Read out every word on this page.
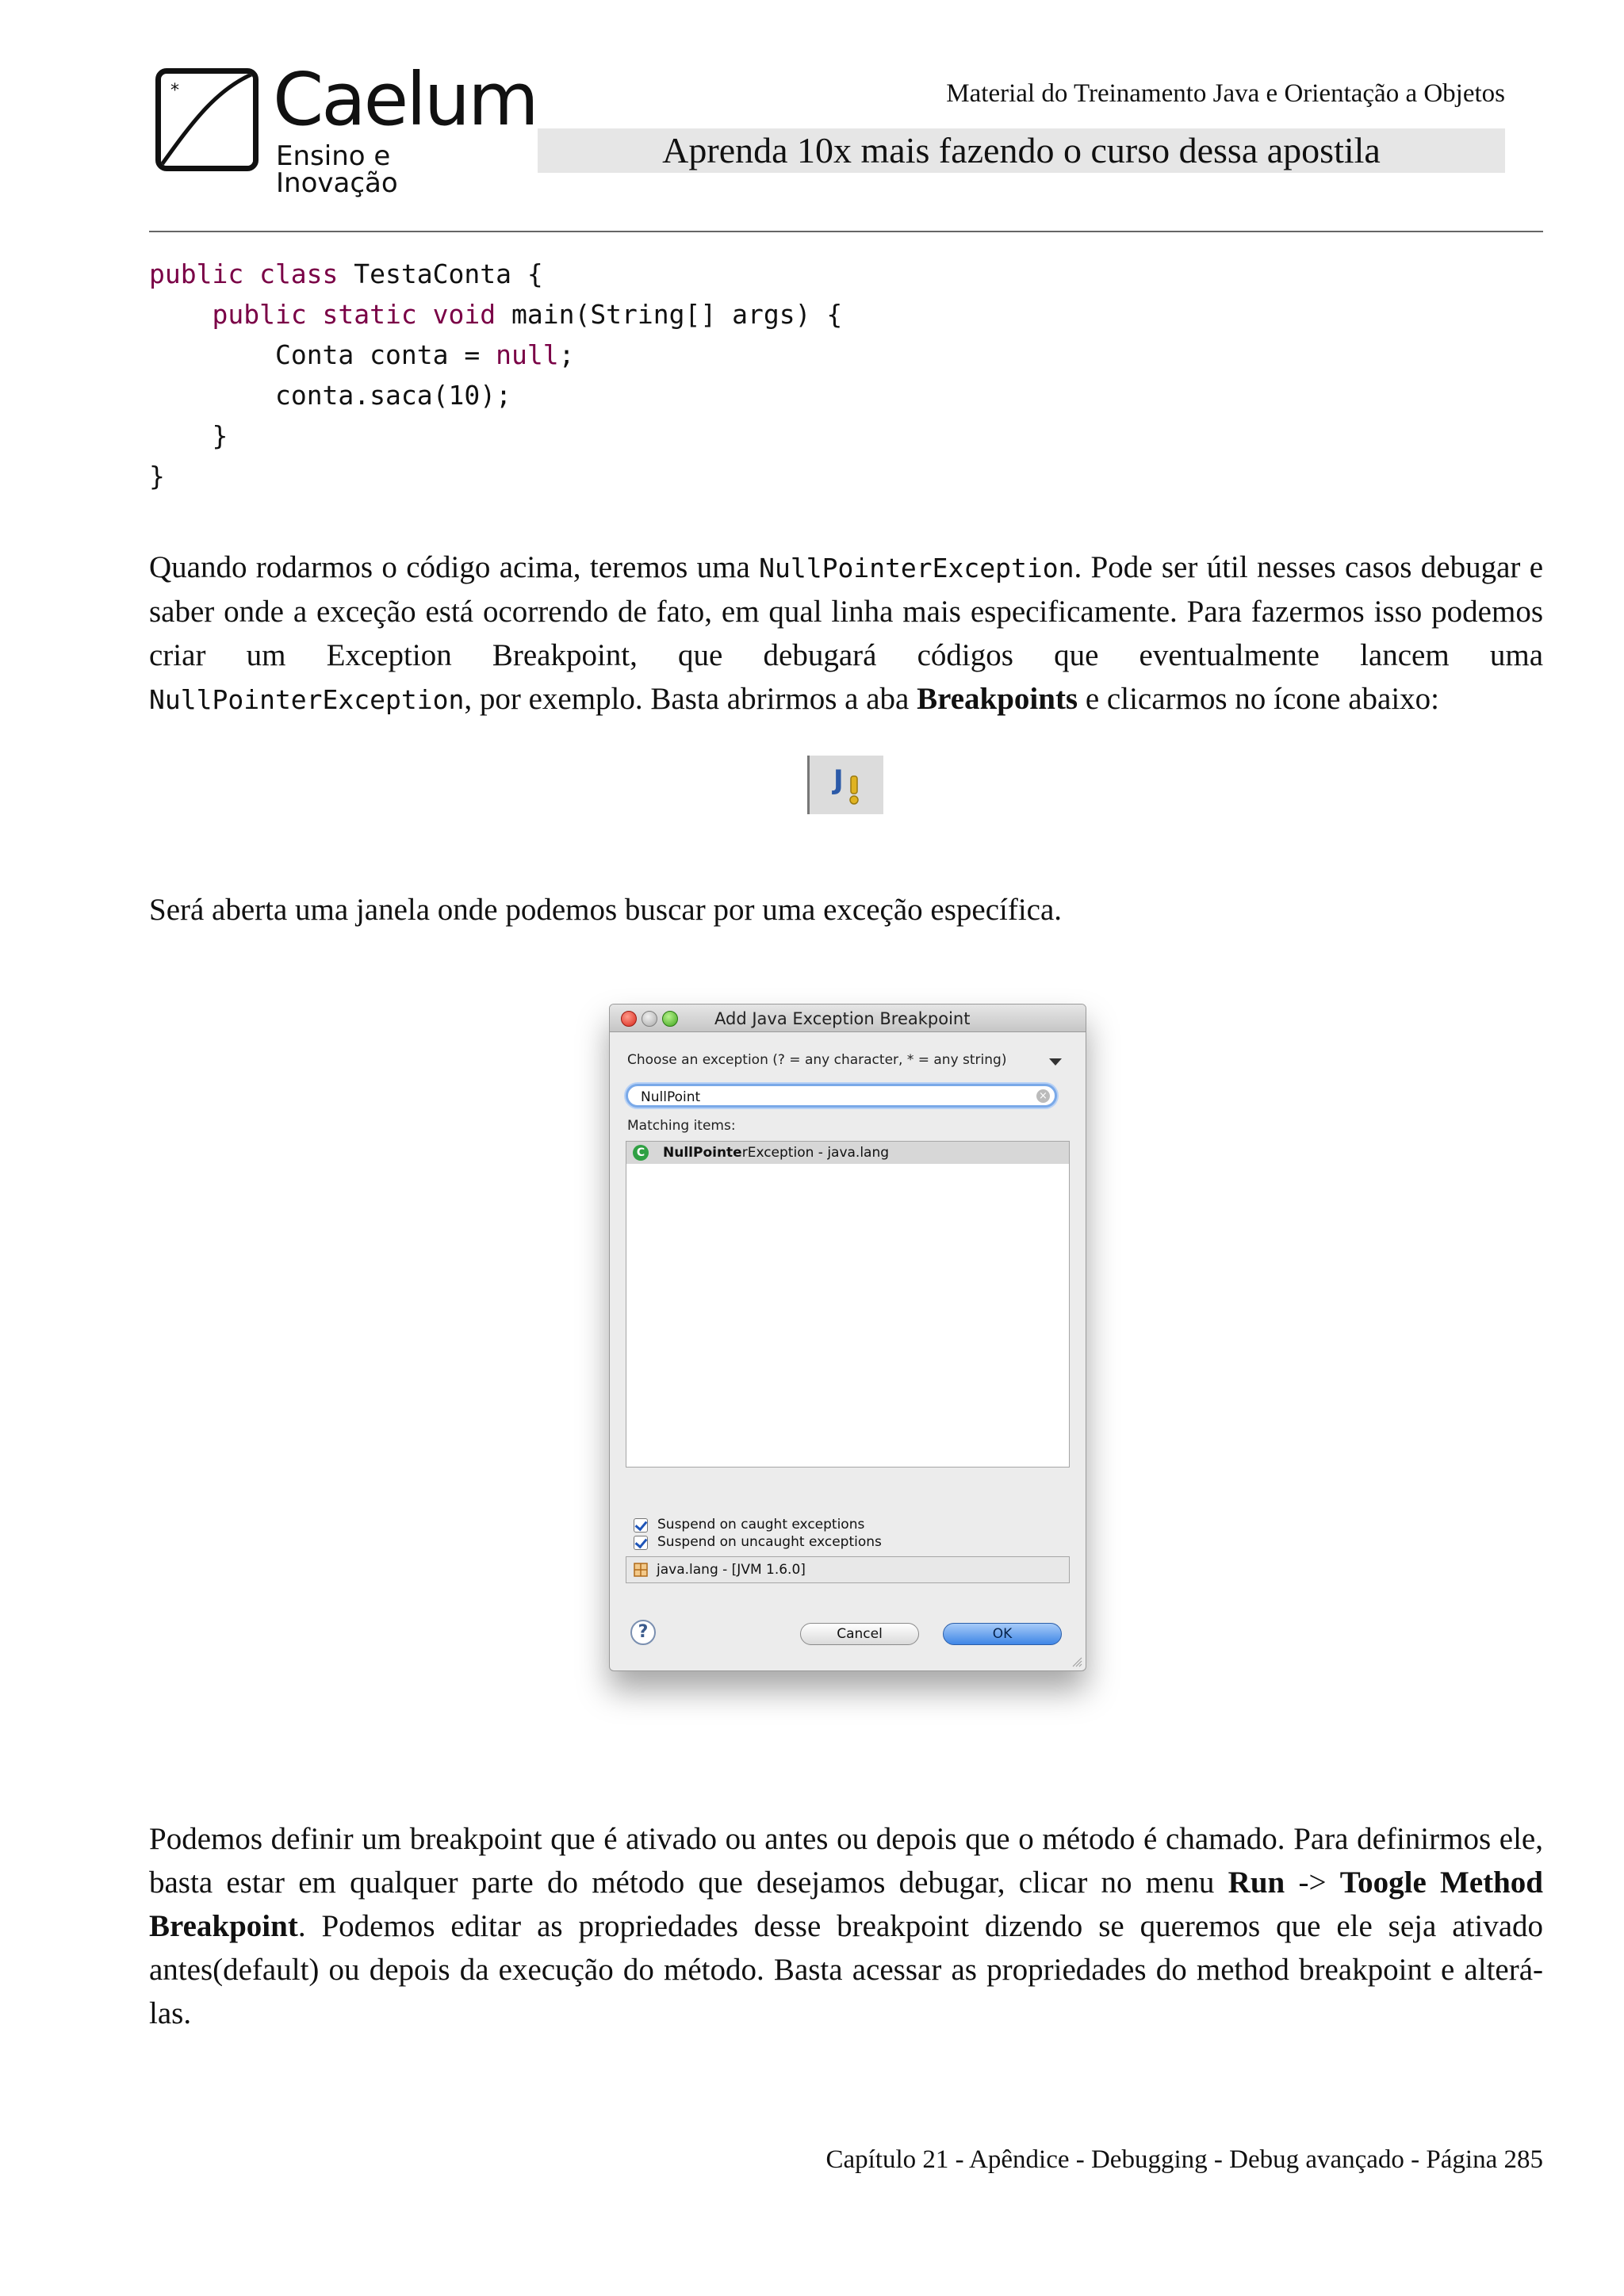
* Caelum
Ensino e Inovação
Material do Treinamento Java e Orientação a Objetos
Aprenda 10x mais fazendo o curso dessa apostila
public class TestaConta {
public static void main(String[] args) {
Conta conta = null;
conta.saca(10);
}
}
Quando rodarmos o código acima, teremos uma NullPointerException. Pode ser útil nesses casos debugar e saber onde a exceção está ocorrendo de fato, em qual linha mais especificamente. Para fazermos isso podemos criar um Exception Breakpoint, que debugará códigos que eventualmente lancem uma NullPointerException, por exemplo. Basta abrirmos a aba Breakpoints e clicarmos no ícone abaixo:
J
Será aberta uma janela onde podemos buscar por uma exceção específica.
Add Java Exception Breakpoint
Choose an exception (? = any character, * = any string)
NullPoint	×
Matching items:
C NullPointerException - java.lang
Suspend on caught exceptions
Suspend on uncaught exceptions
java.lang - [JVM 1.6.0]
?	Cancel	OK
Podemos definir um breakpoint que é ativado ou antes ou depois que o método é chamado. Para definirmos ele, basta estar em qualquer parte do método que desejamos debugar, clicar no menu Run -> Toogle Method Breakpoint. Podemos editar as propriedades desse breakpoint dizendo se queremos que ele seja ativado antes(default) ou depois da execução do método. Basta acessar as propriedades do method breakpoint e alterá-las.
Capítulo 21 - Apêndice - Debugging - Debug avançado - Página 285
